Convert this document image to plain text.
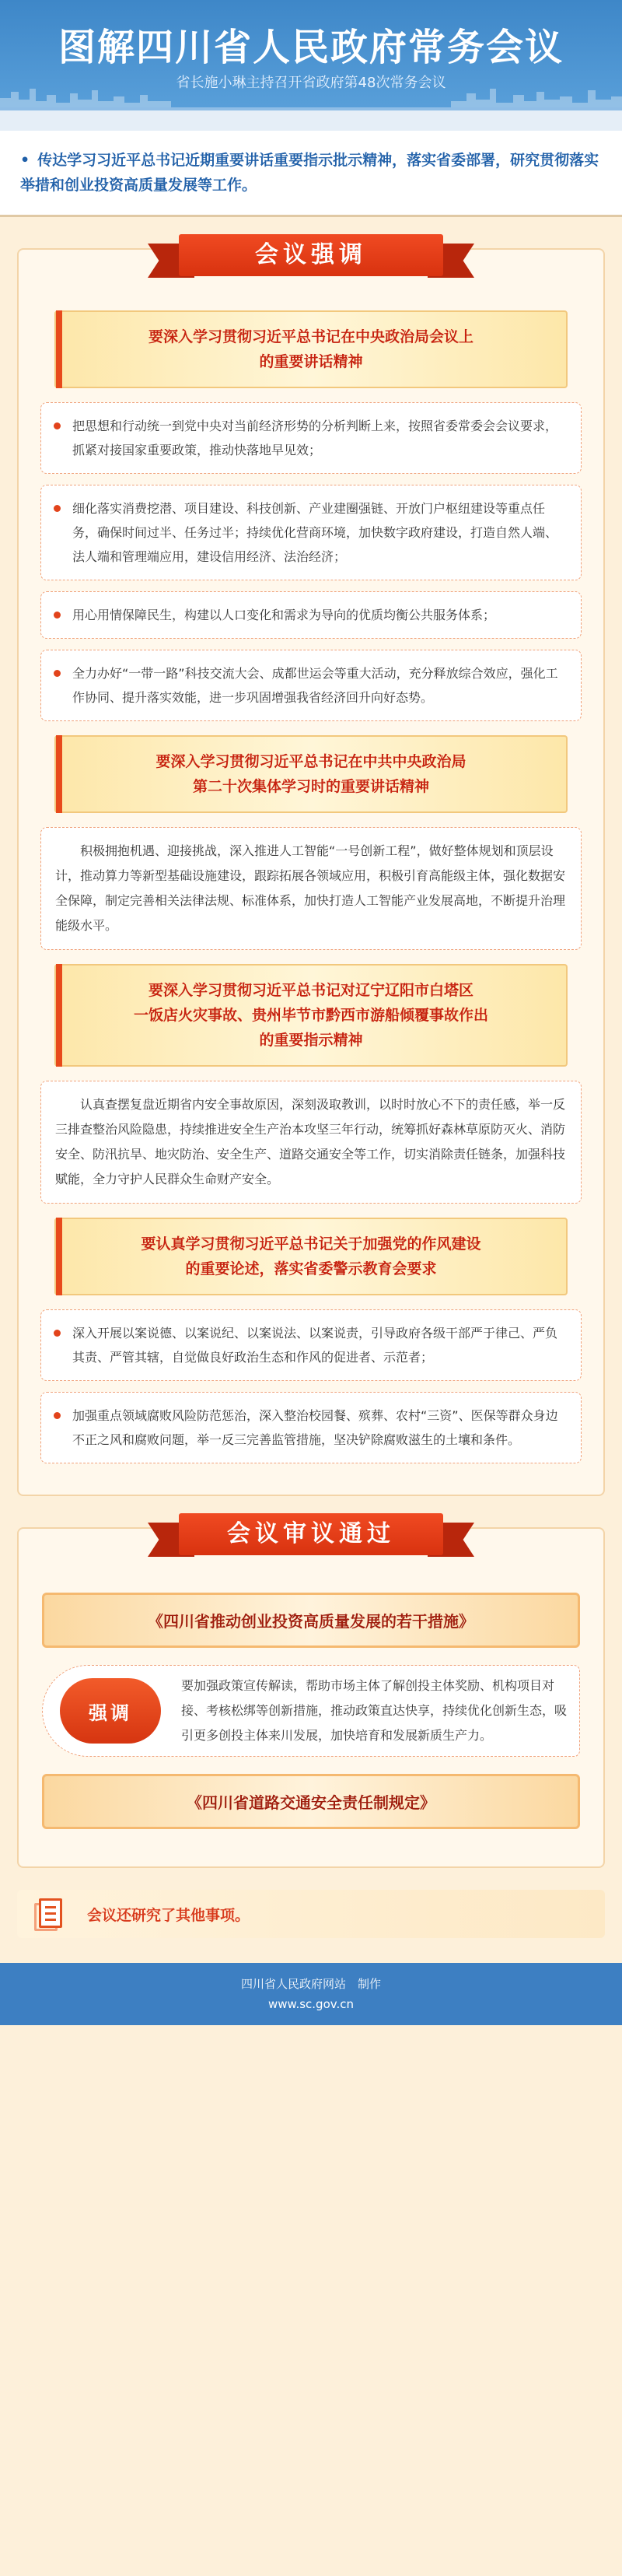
图解四川省人民政府常务会议
省长施小琳主持召开省政府第48次常务会议
• 传达学习习近平总书记近期重要讲话重要指示批示精神，落实省委部署，研究贯彻落实举措和创业投资高质量发展等工作。
会议强调
要深入学习贯彻习近平总书记在中央政治局会议上
的重要讲话精神
把思想和行动统一到党中央对当前经济形势的分析判断上来，按照省委常委会会议要求，抓紧对接国家重要政策，推动快落地早见效；
细化落实消费挖潜、项目建设、科技创新、产业建圈强链、开放门户枢纽建设等重点任务，确保时间过半、任务过半；持续优化营商环境，加快数字政府建设，打造自然人端、法人端和管理端应用，建设信用经济、法治经济；
用心用情保障民生，构建以人口变化和需求为导向的优质均衡公共服务体系；
全力办好“一带一路”科技交流大会、成都世运会等重大活动，充分释放综合效应，强化工作协同、提升落实效能，进一步巩固增强我省经济回升向好态势。
要深入学习贯彻习近平总书记在中共中央政治局
第二十次集体学习时的重要讲话精神
积极拥抱机遇、迎接挑战，深入推进人工智能“一号创新工程”，做好整体规划和顶层设计，推动算力等新型基础设施建设，跟踪拓展各领域应用，积极引育高能级主体，强化数据安全保障，制定完善相关法律法规、标准体系，加快打造人工智能产业发展高地，不断提升治理能级水平。
要深入学习贯彻习近平总书记对辽宁辽阳市白塔区
一饭店火灾事故、贵州毕节市黔西市游船倾覆事故作出
的重要指示精神
认真查摆复盘近期省内安全事故原因，深刻汲取教训，以时时放心不下的责任感，举一反三排查整治风险隐患，持续推进安全生产治本攻坚三年行动，统筹抓好森林草原防灭火、消防安全、防汛抗旱、地灾防治、安全生产、道路交通安全等工作，切实消除责任链条，加强科技赋能，全力守护人民群众生命财产安全。
要认真学习贯彻习近平总书记关于加强党的作风建设
的重要论述，落实省委警示教育会要求
深入开展以案说德、以案说纪、以案说法、以案说责，引导政府各级干部严于律己、严负其责、严管其辖，自觉做良好政治生态和作风的促进者、示范者；
加强重点领域腐败风险防范惩治，深入整治校园餐、殡葬、农村“三资”、医保等群众身边不正之风和腐败问题，举一反三完善监管措施，坚决铲除腐败滋生的土壤和条件。
会议审议通过
《四川省推动创业投资高质量发展的若干措施》
强调
要加强政策宣传解读，帮助市场主体了解创投主体奖励、机构项目对接、考核松绑等创新措施，推动政策直达快享，持续优化创新生态，吸引更多创投主体来川发展，加快培育和发展新质生产力。
《四川省道路交通安全责任制规定》
会议还研究了其他事项。
四川省人民政府网站　制作
www.sc.gov.cn
